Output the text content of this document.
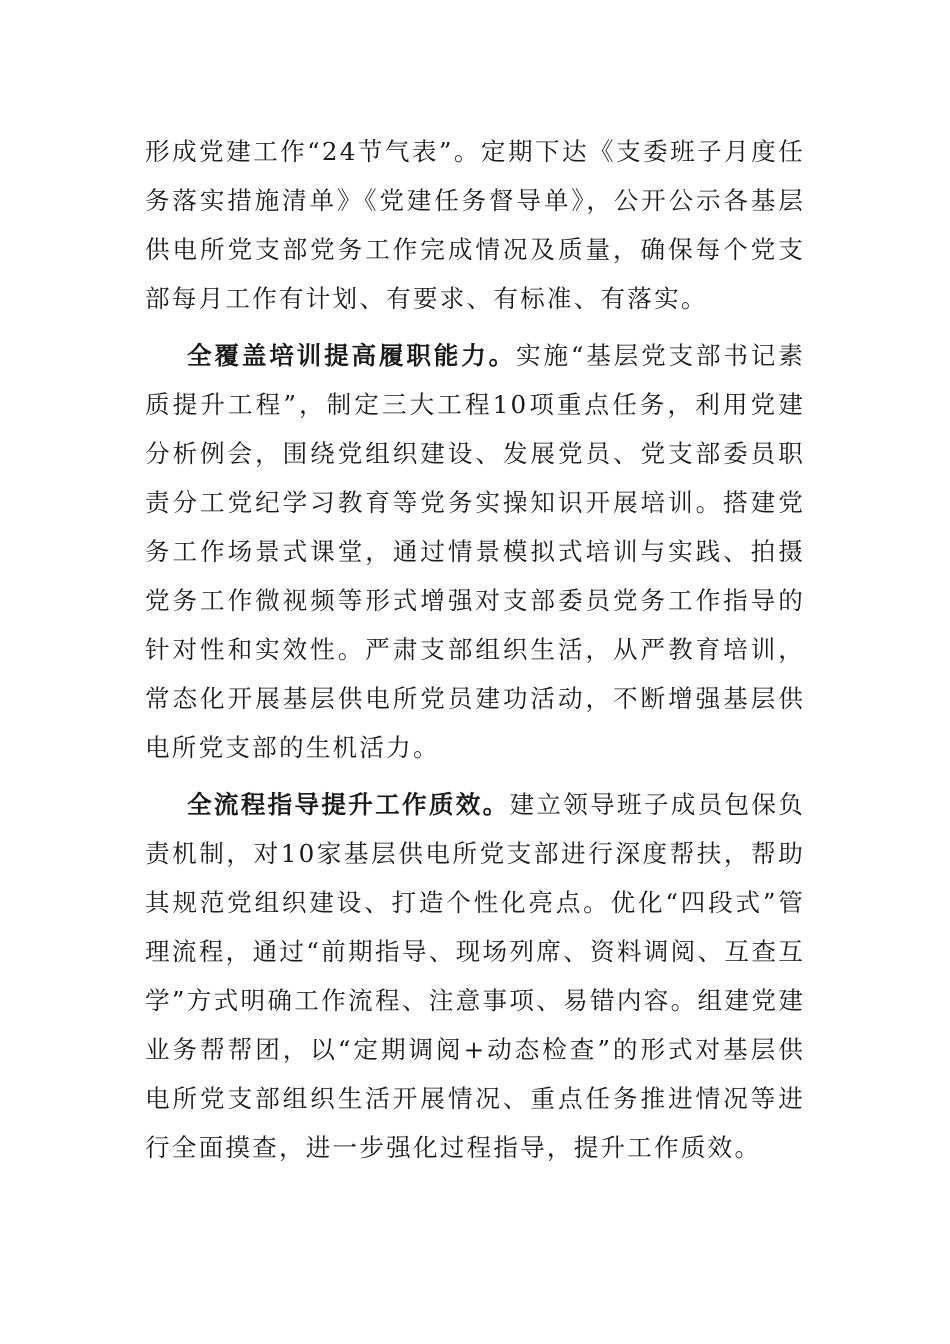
形成党建工作“24节气表”。定期下达《支委班子月度任务落实措施清单》《党建任务督导单》，公开公示各基层供电所党支部党务工作完成情况及质量，确保每个党支部每月工作有计划、有要求、有标准、有落实。

全覆盖培训提高履职能力。实施“基层党支部书记素质提升工程”，制定三大工程10项重点任务，利用党建分析例会，围绕党组织建设、发展党员、党支部委员职责分工党纪学习教育等党务实操知识开展培训。搭建党务工作场景式课堂，通过情景模拟式培训与实践、拍摄党务工作微视频等形式增强对支部委员党务工作指导的针对性和实效性。严肃支部组织生活，从严教育培训，常态化开展基层供电所党员建功活动，不断增强基层供电所党支部的生机活力。

全流程指导提升工作质效。建立领导班子成员包保负责机制，对10家基层供电所党支部进行深度帮扶，帮助其规范党组织建设、打造个性化亮点。优化“四段式”管理流程，通过“前期指导、现场列席、资料调阅、互查互学”方式明确工作流程、注意事项、易错内容。组建党建业务帮帮团，以“定期调阅+动态检查”的形式对基层供电所党支部组织生活开展情况、重点任务推进情况等进行全面摸查，进一步强化过程指导，提升工作质效。
